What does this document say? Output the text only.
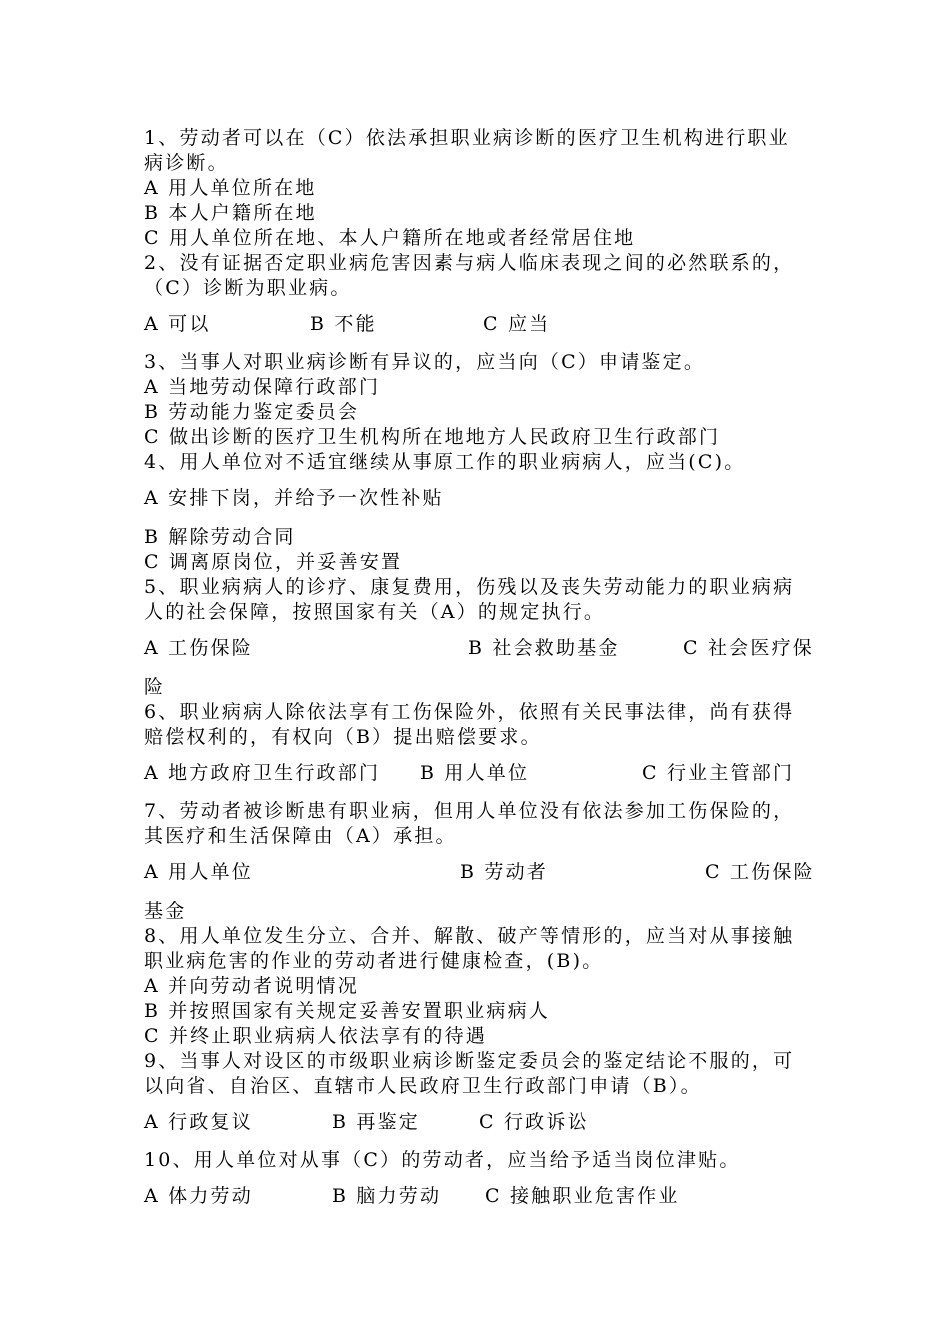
1、劳动者可以在（C）依法承担职业病诊断的医疗卫生机构进行职业
病诊断。
A 用人单位所在地
B 本人户籍所在地
C 用人单位所在地、本人户籍所在地或者经常居住地
2、没有证据否定职业病危害因素与病人临床表现之间的必然联系的，
（C）诊断为职业病。
A 可以	B 不能	C 应当
3、当事人对职业病诊断有异议的，应当向（C）申请鉴定。
A 当地劳动保障行政部门
B 劳动能力鉴定委员会
C 做出诊断的医疗卫生机构所在地地方人民政府卫生行政部门
4、用人单位对不适宜继续从事原工作的职业病病人，应当(C)。
A 安排下岗，并给予一次性补贴
B 解除劳动合同
C 调离原岗位，并妥善安置
5、职业病病人的诊疗、康复费用，伤残以及丧失劳动能力的职业病病
人的社会保障，按照国家有关（A）的规定执行。
A 工伤保险	B 社会救助基金	C 社会医疗保
险
6、职业病病人除依法享有工伤保险外，依照有关民事法律，尚有获得
赔偿权利的，有权向（B）提出赔偿要求。
A 地方政府卫生行政部门 B 用人单位	C 行业主管部门
7、劳动者被诊断患有职业病，但用人单位没有依法参加工伤保险的，
其医疗和生活保障由（A）承担。
A 用人单位	B 劳动者	C 工伤保险
基金
8、用人单位发生分立、合并、解散、破产等情形的，应当对从事接触
职业病危害的作业的劳动者进行健康检查，(B)。
A 并向劳动者说明情况
B 并按照国家有关规定妥善安置职业病病人
C 并终止职业病病人依法享有的待遇
9、当事人对设区的市级职业病诊断鉴定委员会的鉴定结论不服的，可
以向省、自治区、直辖市人民政府卫生行政部门申请（B）。
A 行政复议	B 再鉴定	C 行政诉讼
10、用人单位对从事（C）的劳动者，应当给予适当岗位津贴。
A 体力劳动	B 脑力劳动 C 接触职业危害作业
